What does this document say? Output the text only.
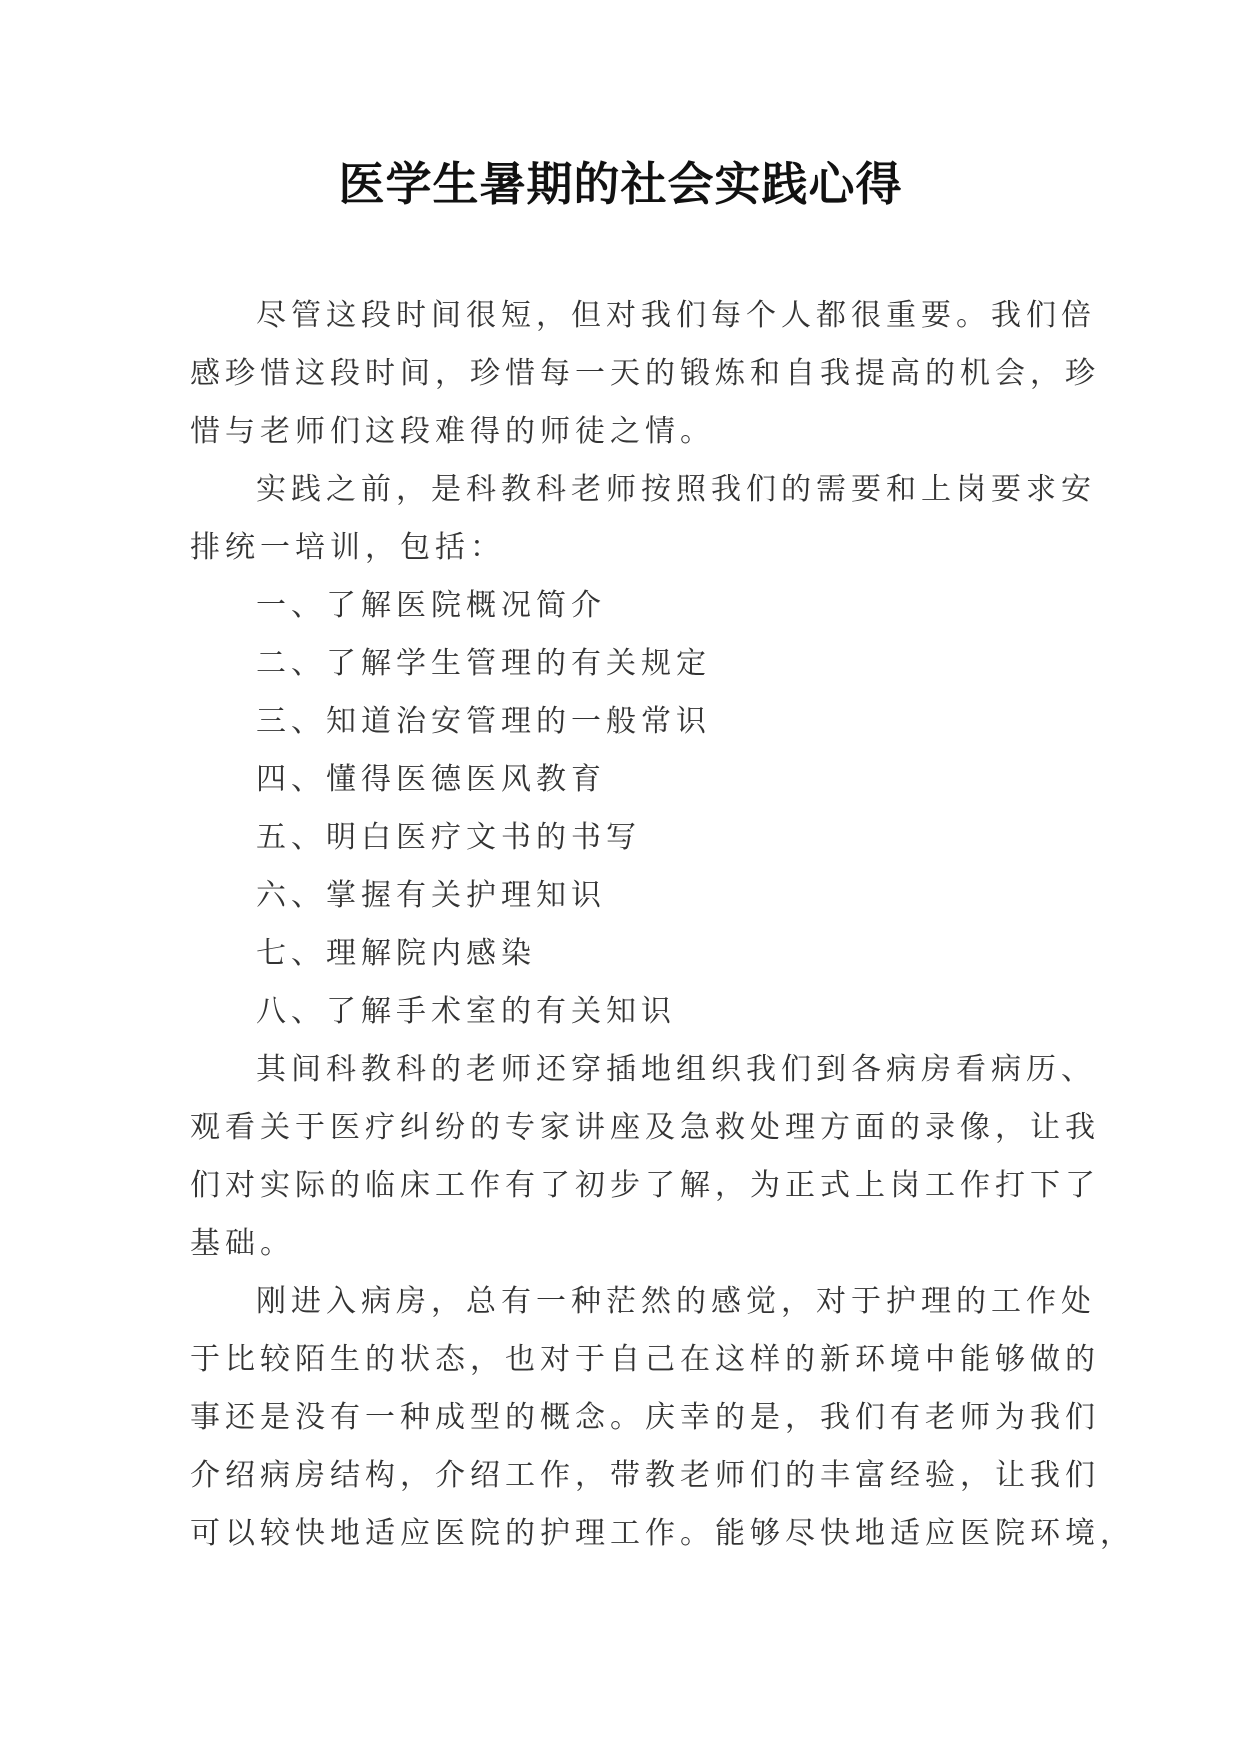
医学生暑期的社会实践心得
尽管这段时间很短，但对我们每个人都很重要。我们倍
感珍惜这段时间，珍惜每一天的锻炼和自我提高的机会，珍
惜与老师们这段难得的师徒之情。
实践之前，是科教科老师按照我们的需要和上岗要求安
排统一培训，包括：
一、了解医院概况简介
二、了解学生管理的有关规定
三、知道治安管理的一般常识
四、懂得医德医风教育
五、明白医疗文书的书写
六、掌握有关护理知识
七、理解院内感染
八、了解手术室的有关知识
其间科教科的老师还穿插地组织我们到各病房看病历、
观看关于医疗纠纷的专家讲座及急救处理方面的录像，让我
们对实际的临床工作有了初步了解，为正式上岗工作打下了
基础。
刚进入病房，总有一种茫然的感觉，对于护理的工作处
于比较陌生的状态，也对于自己在这样的新环境中能够做的
事还是没有一种成型的概念。庆幸的是，我们有老师为我们
介绍病房结构，介绍工作，带教老师们的丰富经验，让我们
可以较快地适应医院的护理工作。能够尽快地适应医院环境，
